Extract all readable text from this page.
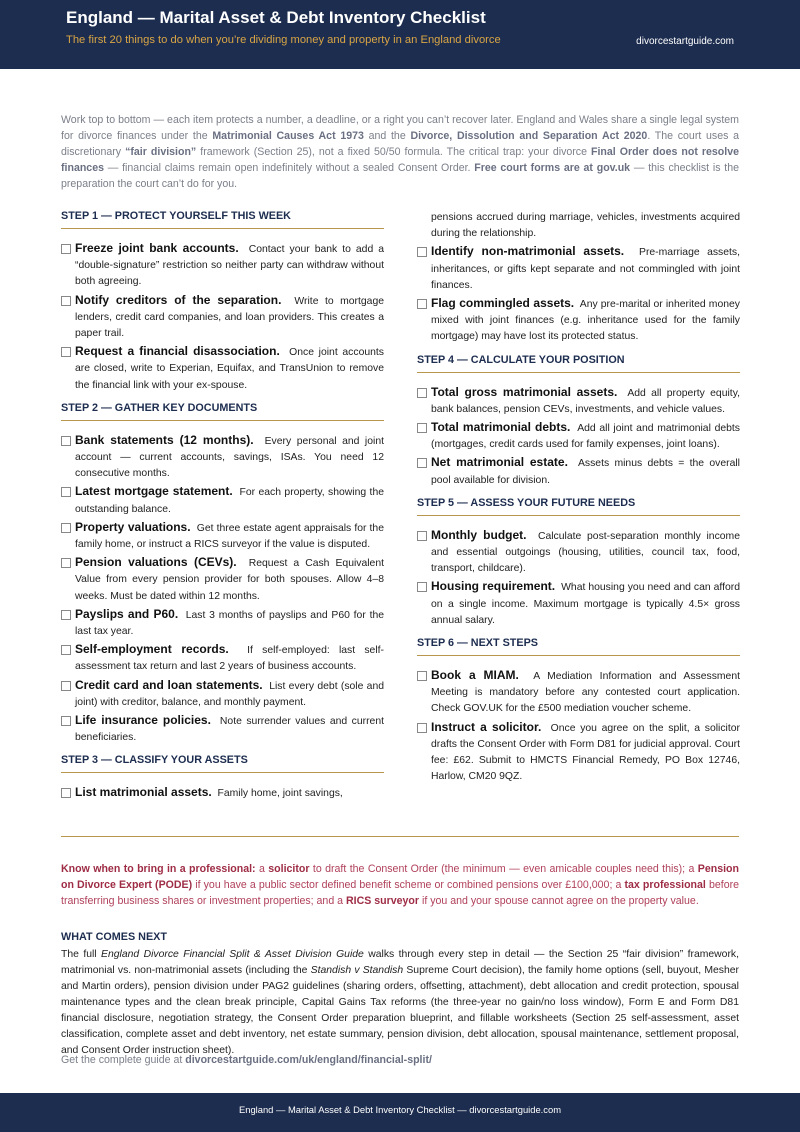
England — Marital Asset & Debt Inventory Checklist
The first 20 things to do when you’re dividing money and property in an England divorce	divorcestartguide.com
Work top to bottom — each item protects a number, a deadline, or a right you can’t recover later. England and Wales share a single legal system for divorce finances under the Matrimonial Causes Act 1973 and the Divorce, Dissolution and Separation Act 2020. The court uses a discretionary “fair division” framework (Section 25), not a fixed 50/50 formula. The critical trap: your divorce Final Order does not resolve finances — financial claims remain open indefinitely without a sealed Consent Order. Free court forms are at gov.uk — this checklist is the preparation the court can’t do for you.
STEP 1 — PROTECT YOURSELF THIS WEEK
Freeze joint bank accounts. Contact your bank to add a “double-signature” restriction so neither party can withdraw without both agreeing.
Notify creditors of the separation. Write to mortgage lenders, credit card companies, and loan providers. This creates a paper trail.
Request a financial disassociation. Once joint accounts are closed, write to Experian, Equifax, and TransUnion to remove the financial link with your ex-spouse.
STEP 2 — GATHER KEY DOCUMENTS
Bank statements (12 months). Every personal and joint account — current accounts, savings, ISAs. You need 12 consecutive months.
Latest mortgage statement. For each property, showing the outstanding balance.
Property valuations. Get three estate agent appraisals for the family home, or instruct a RICS surveyor if the value is disputed.
Pension valuations (CEVs). Request a Cash Equivalent Value from every pension provider for both spouses. Allow 4–8 weeks. Must be dated within 12 months.
Payslips and P60. Last 3 months of payslips and P60 for the last tax year.
Self-employment records. If self-employed: last self-assessment tax return and last 2 years of business accounts.
Credit card and loan statements. List every debt (sole and joint) with creditor, balance, and monthly payment.
Life insurance policies. Note surrender values and current beneficiaries.
STEP 3 — CLASSIFY YOUR ASSETS
List matrimonial assets. Family home, joint savings,
pensions accrued during marriage, vehicles, investments acquired during the relationship.
Identify non-matrimonial assets. Pre-marriage assets, inheritances, or gifts kept separate and not commingled with joint finances.
Flag commingled assets. Any pre-marital or inherited money mixed with joint finances (e.g. inheritance used for the family mortgage) may have lost its protected status.
STEP 4 — CALCULATE YOUR POSITION
Total gross matrimonial assets. Add all property equity, bank balances, pension CEVs, investments, and vehicle values.
Total matrimonial debts. Add all joint and matrimonial debts (mortgages, credit cards used for family expenses, joint loans).
Net matrimonial estate. Assets minus debts = the overall pool available for division.
STEP 5 — ASSESS YOUR FUTURE NEEDS
Monthly budget. Calculate post-separation monthly income and essential outgoings (housing, utilities, council tax, food, transport, childcare).
Housing requirement. What housing you need and can afford on a single income. Maximum mortgage is typically 4.5× gross annual salary.
STEP 6 — NEXT STEPS
Book a MIAM. A Mediation Information and Assessment Meeting is mandatory before any contested court application. Check GOV.UK for the £500 mediation voucher scheme.
Instruct a solicitor. Once you agree on the split, a solicitor drafts the Consent Order with Form D81 for judicial approval. Court fee: £62. Submit to HMCTS Financial Remedy, PO Box 12746, Harlow, CM20 9QZ.
Know when to bring in a professional: a solicitor to draft the Consent Order (the minimum — even amicable couples need this); a Pension on Divorce Expert (PODE) if you have a public sector defined benefit scheme or combined pensions over £100,000; a tax professional before transferring business shares or investment properties; and a RICS surveyor if you and your spouse cannot agree on the property value.
WHAT COMES NEXT
The full England Divorce Financial Split & Asset Division Guide walks through every step in detail — the Section 25 “fair division” framework, matrimonial vs. non-matrimonial assets (including the Standish v Standish Supreme Court decision), the family home options (sell, buyout, Mesher and Martin orders), pension division under PAG2 guidelines (sharing orders, offsetting, attachment), debt allocation and credit protection, spousal maintenance types and the clean break principle, Capital Gains Tax reforms (the three-year no gain/no loss window), Form E and Form D81 financial disclosure, negotiation strategy, the Consent Order preparation blueprint, and fillable worksheets (Section 25 self-assessment, asset classification, complete asset and debt inventory, net estate summary, pension division, debt allocation, spousal maintenance, settlement proposal, and Consent Order instruction sheet).
Get the complete guide at divorcestartguide.com/uk/england/financial-split/
England — Marital Asset & Debt Inventory Checklist — divorcestartguide.com
